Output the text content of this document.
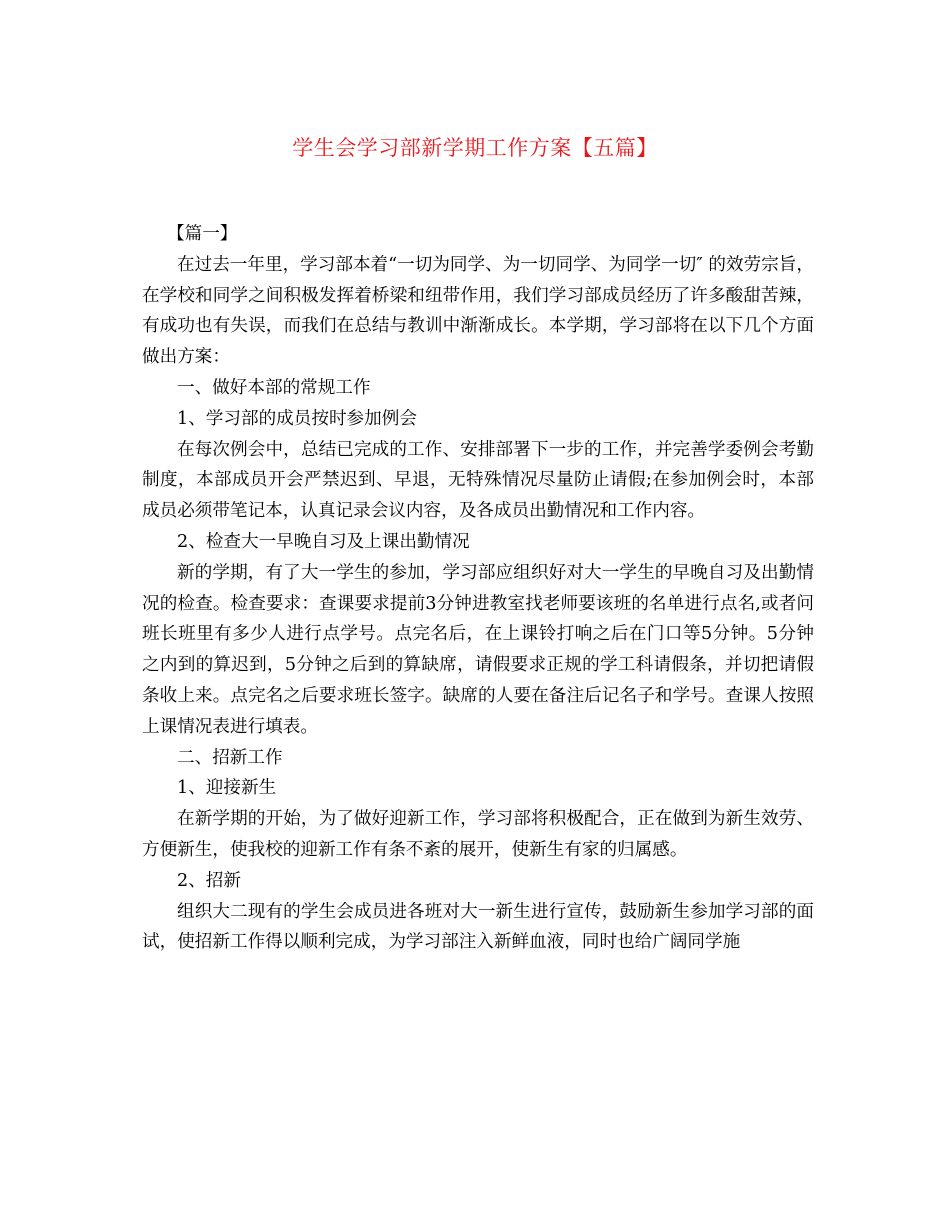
学生会学习部新学期工作方案【五篇】

【篇一】

在过去一年里，学习部本着“一切为同学、为一切同学、为同学一切″ 的效劳宗旨，在学校和同学之间积极发挥着桥梁和纽带作用，我们学习部成员经历了许多酸甜苦辣，有成功也有失误，而我们在总结与教训中渐渐成长。本学期，学习部将在以下几个方面做出方案：

一、做好本部的常规工作

1、学习部的成员按时参加例会

在每次例会中，总结已完成的工作、安排部署下一步的工作，并完善学委例会考勤制度，本部成员开会严禁迟到、早退，无特殊情况尽量防止请假;在参加例会时，本部成员必须带笔记本，认真记录会议内容，及各成员出勤情况和工作内容。

2、检查大一早晚自习及上课出勤情况

新的学期，有了大一学生的参加，学习部应组织好对大一学生的早晚自习及出勤情况的检查。检查要求：查课要求提前3分钟进教室找老师要该班的名单进行点名,或者问班长班里有多少人进行点学号。点完名后，在上课铃打响之后在门口等5分钟。5分钟之内到的算迟到，5分钟之后到的算缺席，请假要求正规的学工科请假条，并切把请假条收上来。点完名之后要求班长签字。缺席的人要在备注后记名子和学号。查课人按照上课情况表进行填表。

二、招新工作

1、迎接新生

在新学期的开始，为了做好迎新工作，学习部将积极配合，正在做到为新生效劳、方便新生，使我校的迎新工作有条不紊的展开，使新生有家的归属感。

2、招新

组织大二现有的学生会成员进各班对大一新生进行宣传，鼓励新生参加学习部的面试，使招新工作得以顺利完成，为学习部注入新鲜血液，同时也给广阔同学施
